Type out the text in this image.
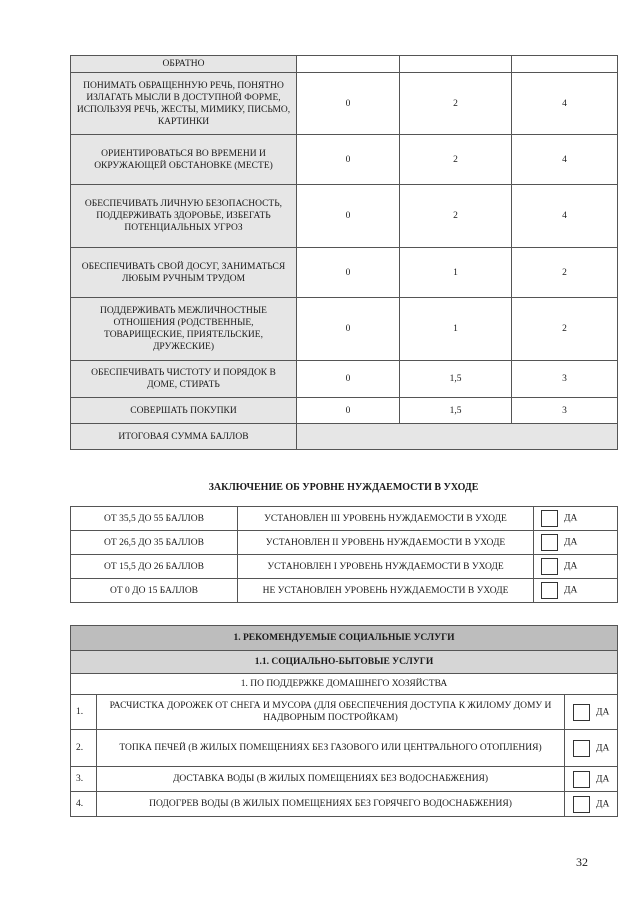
ОБРАТНО			
ПОНИМАТЬ ОБРАЩЕННУЮ РЕЧЬ, ПОНЯТНО ИЗЛАГАТЬ МЫСЛИ В ДОСТУПНОЙ ФОРМЕ, ИСПОЛЬЗУЯ РЕЧЬ, ЖЕСТЫ, МИМИКУ, ПИСЬМО, КАРТИНКИ	0	2	4
ОРИЕНТИРОВАТЬСЯ ВО ВРЕМЕНИ И ОКРУЖАЮЩЕЙ ОБСТАНОВКЕ (МЕСТЕ)	0	2	4
ОБЕСПЕЧИВАТЬ ЛИЧНУЮ БЕЗОПАСНОСТЬ, ПОДДЕРЖИВАТЬ ЗДОРОВЬЕ, ИЗБЕГАТЬ ПОТЕНЦИАЛЬНЫХ УГРОЗ	0	2	4
ОБЕСПЕЧИВАТЬ СВОЙ ДОСУГ, ЗАНИМАТЬСЯ ЛЮБЫМ РУЧНЫМ ТРУДОМ	0	1	2
ПОДДЕРЖИВАТЬ МЕЖЛИЧНОСТНЫЕ ОТНОШЕНИЯ (РОДСТВЕННЫЕ, ТОВАРИЩЕСКИЕ, ПРИЯТЕЛЬСКИЕ, ДРУЖЕСКИЕ)	0	1	2
ОБЕСПЕЧИВАТЬ ЧИСТОТУ И ПОРЯДОК В ДОМЕ, СТИРАТЬ	0	1,5	3
СОВЕРШАТЬ ПОКУПКИ	0	1,5	3
ИТОГОВАЯ СУММА БАЛЛОВ			
ЗАКЛЮЧЕНИЕ ОБ УРОВНЕ НУЖДАЕМОСТИ В УХОДЕ
ОТ 35,5 ДО 55 БАЛЛОВ	УСТАНОВЛЕН III УРОВЕНЬ НУЖДАЕМОСТИ В УХОДЕ	ДА
ОТ 26,5 ДО 35 БАЛЛОВ	УСТАНОВЛЕН II УРОВЕНЬ НУЖДАЕМОСТИ В УХОДЕ	ДА
ОТ 15,5 ДО 26 БАЛЛОВ	УСТАНОВЛЕН I УРОВЕНЬ НУЖДАЕМОСТИ В УХОДЕ	ДА
ОТ 0 ДО 15 БАЛЛОВ	НЕ УСТАНОВЛЕН УРОВЕНЬ НУЖДАЕМОСТИ В УХОДЕ	ДА
1. РЕКОМЕНДУЕМЫЕ СОЦИАЛЬНЫЕ УСЛУГИ		
1.1. СОЦИАЛЬНО-БЫТОВЫЕ УСЛУГИ		
1. ПО ПОДДЕРЖКЕ ДОМАШНЕГО ХОЗЯЙСТВА		
1.	РАСЧИСТКА ДОРОЖЕК ОТ СНЕГА И МУСОРА (ДЛЯ ОБЕСПЕЧЕНИЯ ДОСТУПА К ЖИЛОМУ ДОМУ И НАДВОРНЫМ ПОСТРОЙКАМ)	ДА
2.	ТОПКА ПЕЧЕЙ (В ЖИЛЫХ ПОМЕЩЕНИЯХ БЕЗ ГАЗОВОГО ИЛИ ЦЕНТРАЛЬНОГО ОТОПЛЕНИЯ)	ДА
3.	ДОСТАВКА ВОДЫ (В ЖИЛЫХ ПОМЕЩЕНИЯХ БЕЗ ВОДОСНАБЖЕНИЯ)	ДА
4.	ПОДОГРЕВ ВОДЫ (В ЖИЛЫХ ПОМЕЩЕНИЯХ БЕЗ ГОРЯЧЕГО ВОДОСНАБЖЕНИЯ)	ДА
32
